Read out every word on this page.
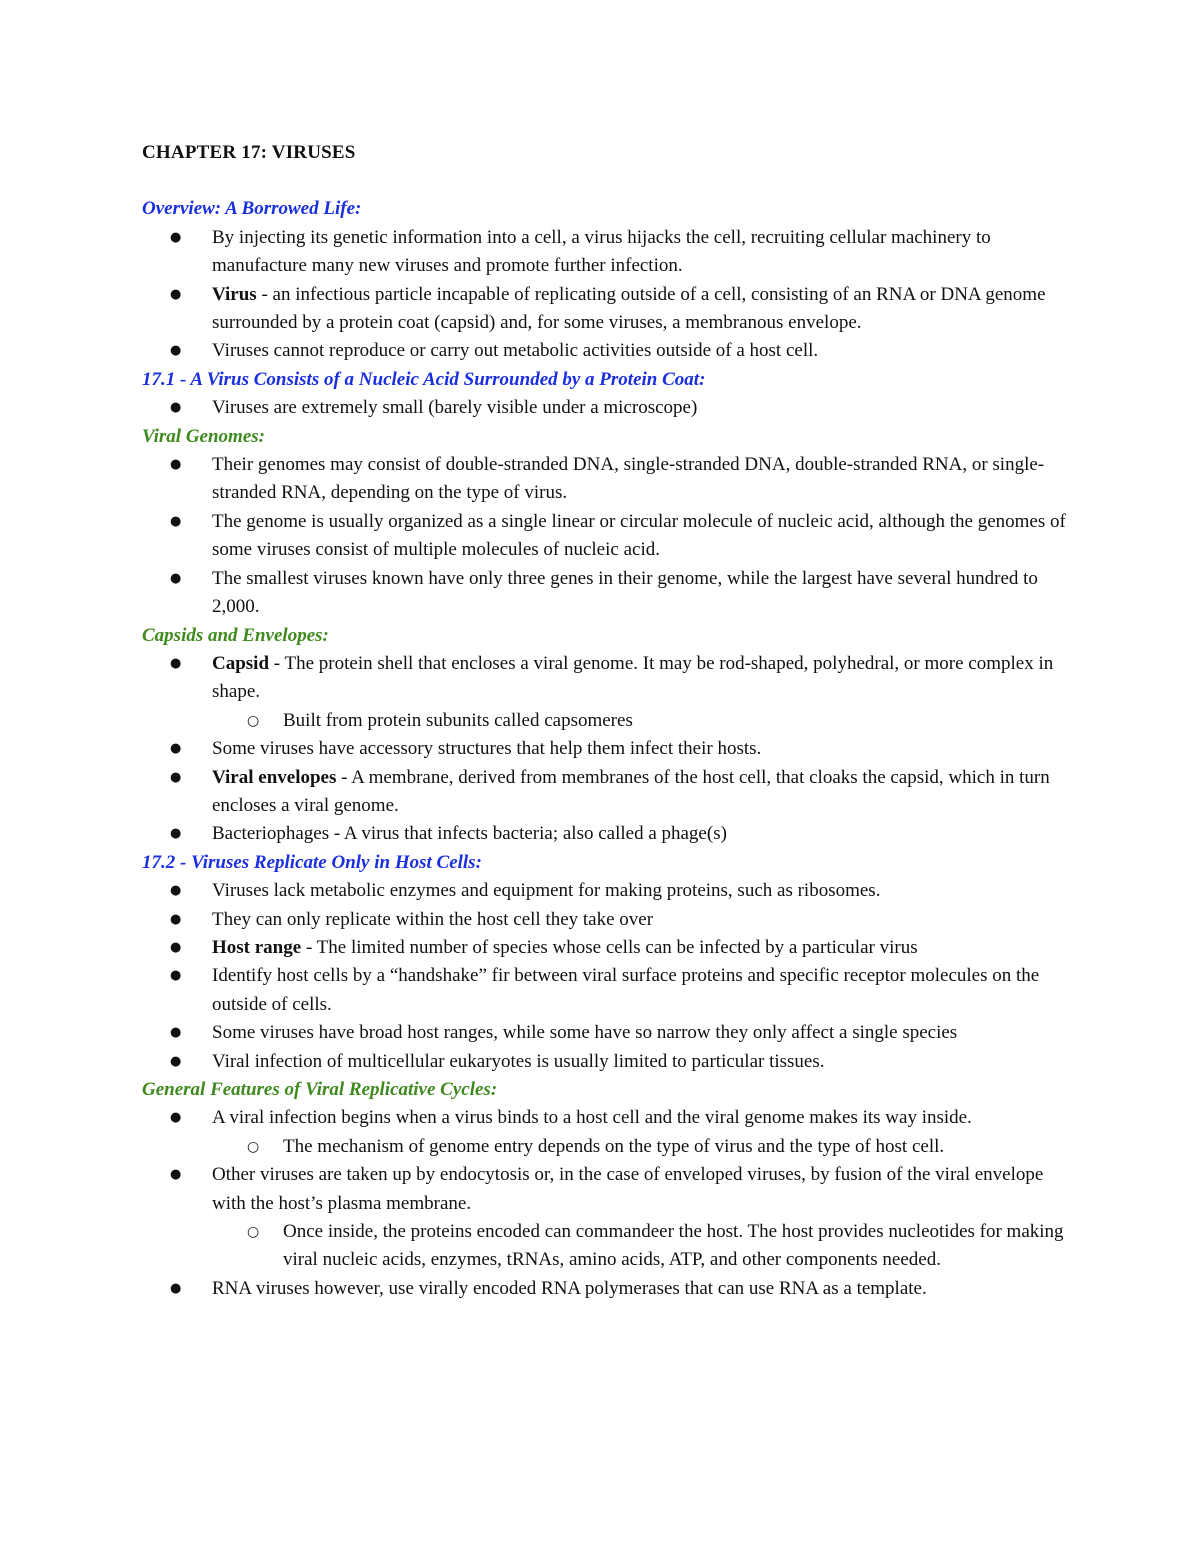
CHAPTER 17: VIRUSES
Overview: A Borrowed Life:
● By injecting its genetic information into a cell, a virus hijacks the cell, recruiting cellular machinery to manufacture many new viruses and promote further infection.
● Virus - an infectious particle incapable of replicating outside of a cell, consisting of an RNA or DNA genome surrounded by a protein coat (capsid) and, for some viruses, a membranous envelope.
● Viruses cannot reproduce or carry out metabolic activities outside of a host cell.
17.1 - A Virus Consists of a Nucleic Acid Surrounded by a Protein Coat:
● Viruses are extremely small (barely visible under a microscope)
Viral Genomes:
● Their genomes may consist of double-stranded DNA, single-stranded DNA, double-stranded RNA, or single-stranded RNA, depending on the type of virus.
● The genome is usually organized as a single linear or circular molecule of nucleic acid, although the genomes of some viruses consist of multiple molecules of nucleic acid.
● The smallest viruses known have only three genes in their genome, while the largest have several hundred to 2,000.
Capsids and Envelopes:
● Capsid - The protein shell that encloses a viral genome. It may be rod-shaped, polyhedral, or more complex in shape.
○ Built from protein subunits called capsomeres
● Some viruses have accessory structures that help them infect their hosts.
● Viral envelopes - A membrane, derived from membranes of the host cell, that cloaks the capsid, which in turn encloses a viral genome.
● Bacteriophages - A virus that infects bacteria; also called a phage(s)
17.2 - Viruses Replicate Only in Host Cells:
● Viruses lack metabolic enzymes and equipment for making proteins, such as ribosomes.
● They can only replicate within the host cell they take over
● Host range - The limited number of species whose cells can be infected by a particular virus
● Identify host cells by a “handshake” fir between viral surface proteins and specific receptor molecules on the outside of cells.
● Some viruses have broad host ranges, while some have so narrow they only affect a single species
● Viral infection of multicellular eukaryotes is usually limited to particular tissues.
General Features of Viral Replicative Cycles:
● A viral infection begins when a virus binds to a host cell and the viral genome makes its way inside.
○ The mechanism of genome entry depends on the type of virus and the type of host cell.
● Other viruses are taken up by endocytosis or, in the case of enveloped viruses, by fusion of the viral envelope with the host’s plasma membrane.
○ Once inside, the proteins encoded can commandeer the host. The host provides nucleotides for making viral nucleic acids, enzymes, tRNAs, amino acids, ATP, and other components needed.
● RNA viruses however, use virally encoded RNA polymerases that can use RNA as a template.
